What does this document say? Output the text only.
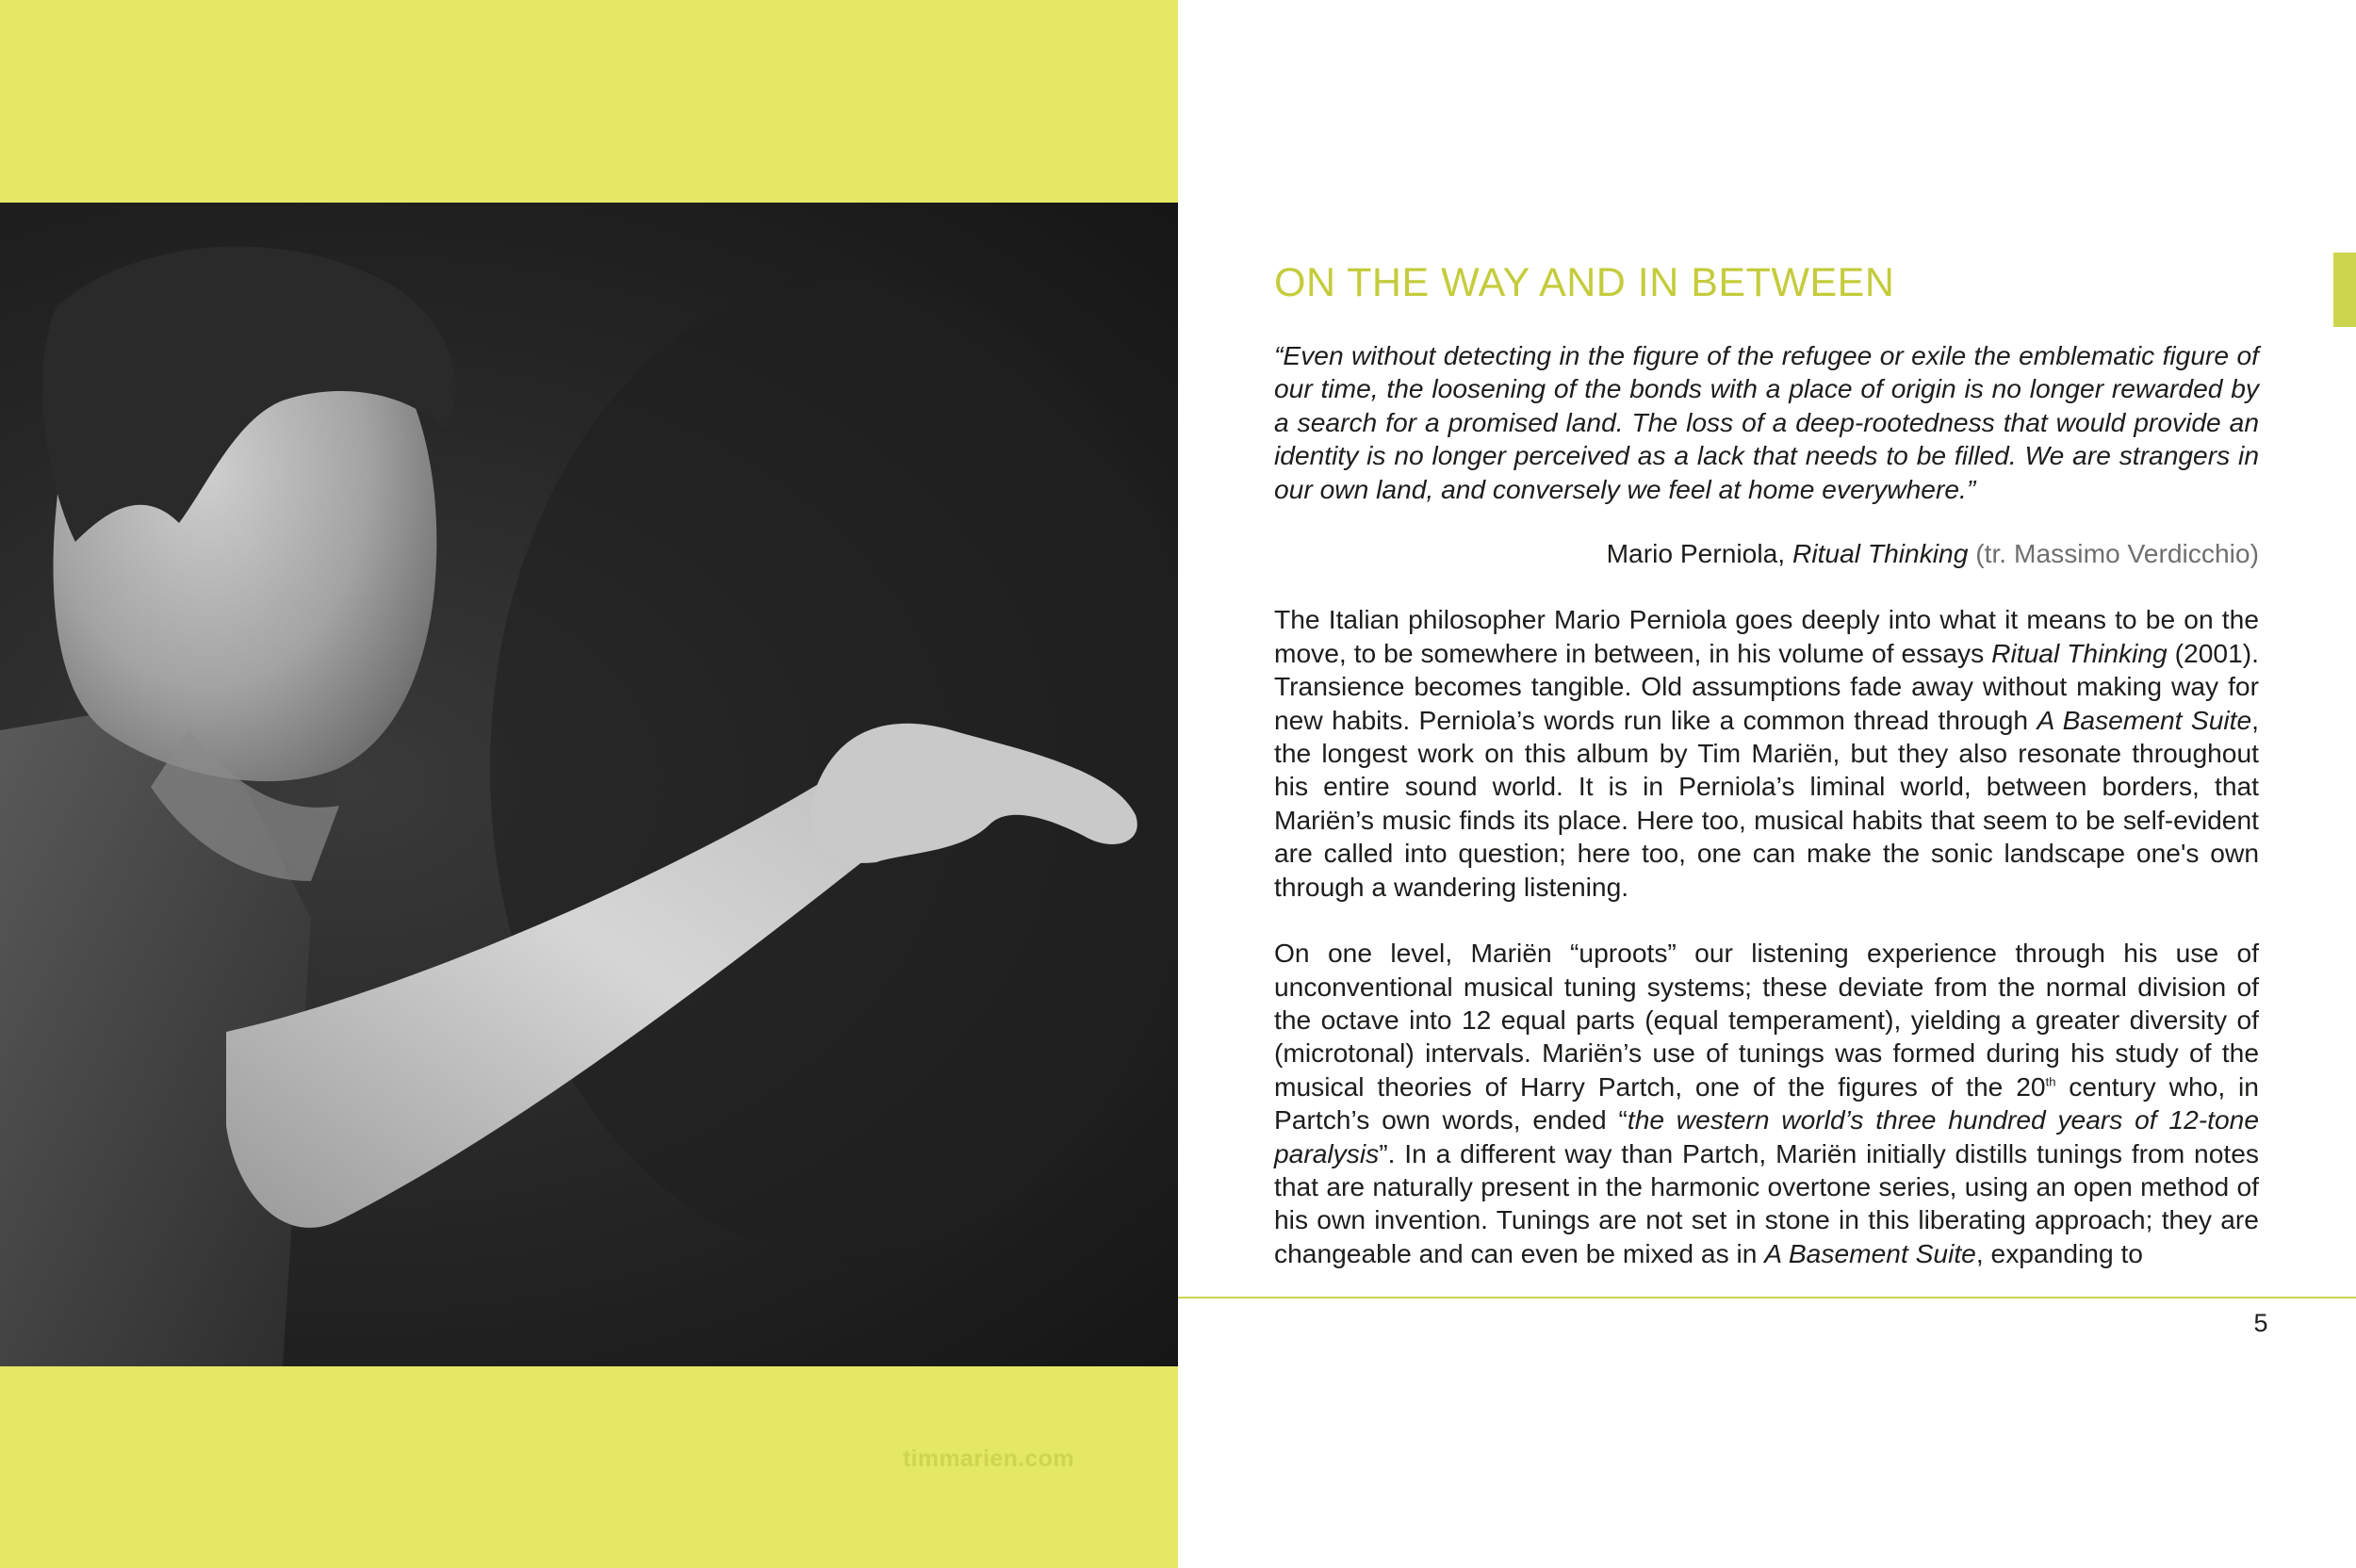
timmarien.com
ON THE WAY AND IN BETWEEN

“Even without detecting in the figure of the refugee or exile the emblematic figure of our time, the loosening of the bonds with a place of origin is no longer rewarded by a search for a promised land. The loss of a deep-rootedness that would provide an identity is no longer perceived as a lack that needs to be filled. We are strangers in our own land, and conversely we feel at home everywhere.”

Mario Perniola, Ritual Thinking (tr. Massimo Verdicchio)

The Italian philosopher Mario Perniola goes deeply into what it means to be on the move, to be somewhere in between, in his volume of essays Ritual Thinking (2001). Transience becomes tangible. Old assumptions fade away without making way for new habits. Perniola’s words run like a common thread through A Basement Suite, the longest work on this album by Tim Mariën, but they also resonate throughout his entire sound world. It is in Perniola’s liminal world, between borders, that Mariën’s music finds its place. Here too, musical habits that seem to be self-evident are called into question; here too, one can make the sonic landscape one's own through a wandering listening.

On one level, Mariën “uproots” our listening experience through his use of unconventional musical tuning systems; these deviate from the normal division of the octave into 12 equal parts (equal temperament), yielding a greater diversity of (microtonal) intervals. Mariën’s use of tunings was formed during his study of the musical theories of Harry Partch, one of the figures of the 20th century who, in Partch’s own words, ended “the western world’s three hundred years of 12-tone paralysis”. In a different way than Partch, Mariën initially distills tunings from notes that are naturally present in the harmonic overtone series, using an open method of his own invention. Tunings are not set in stone in this liberating approach; they are changeable and can even be mixed as in A Basement Suite, expanding to

5
